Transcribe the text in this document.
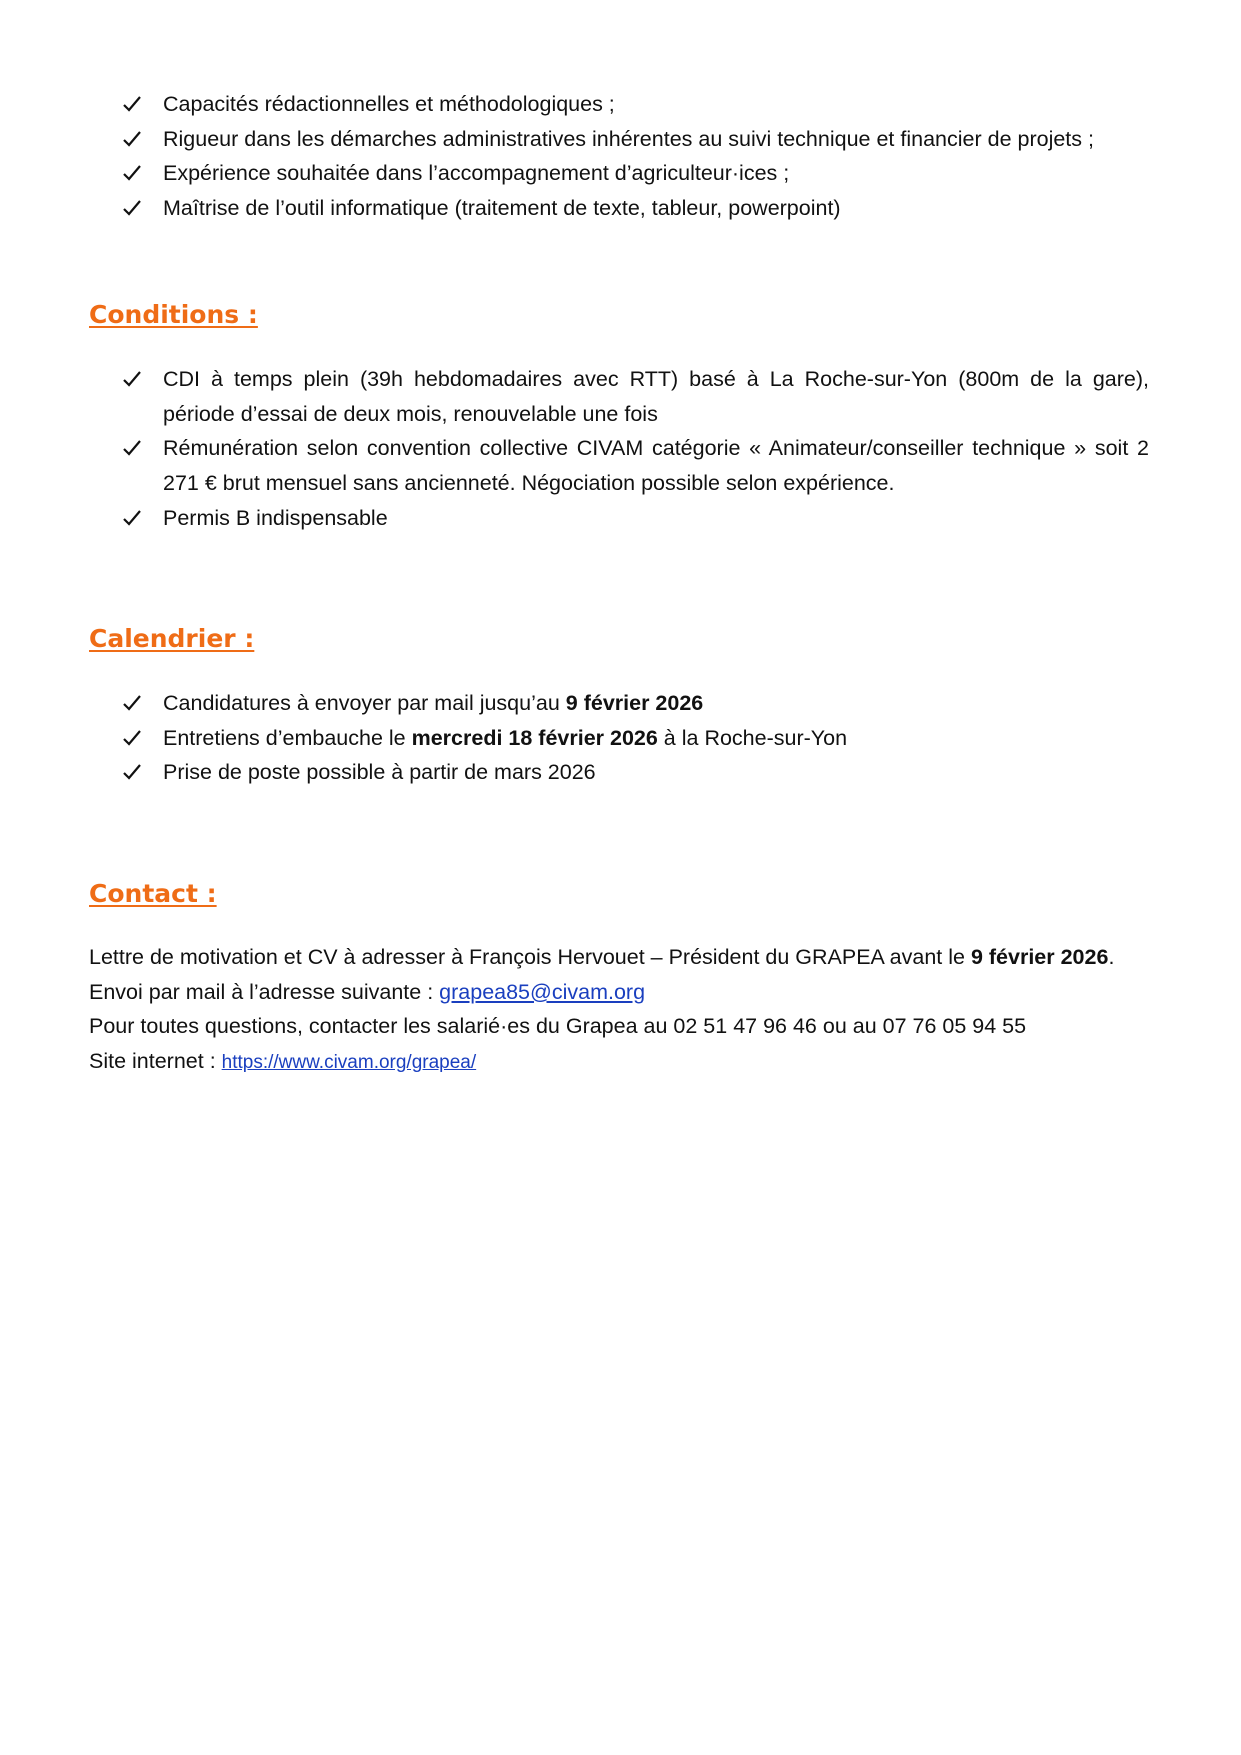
Capacités rédactionnelles et méthodologiques ;
Rigueur dans les démarches administratives inhérentes au suivi technique et financier de projets ;
Expérience souhaitée dans l’accompagnement d’agriculteur·ices ;
Maîtrise de l’outil informatique (traitement de texte, tableur, powerpoint)
Conditions :
CDI à temps plein (39h hebdomadaires avec RTT) basé à La Roche-sur-Yon (800m de la gare), période d’essai de deux mois, renouvelable une fois
Rémunération selon convention collective CIVAM catégorie « Animateur/conseiller technique » soit 2 271 € brut mensuel sans ancienneté. Négociation possible selon expérience.
Permis B indispensable
Calendrier :
Candidatures à envoyer par mail jusqu’au 9 février 2026
Entretiens d’embauche le mercredi 18 février 2026 à la Roche-sur-Yon
Prise de poste possible à partir de mars 2026
Contact :

Lettre de motivation et CV à adresser à François Hervouet – Président du GRAPEA avant le 9 février 2026.

Envoi par mail à l’adresse suivante : grapea85@civam.org

Pour toutes questions, contacter les salarié·es du Grapea au 02 51 47 96 46 ou au 07 76 05 94 55

Site internet : https://www.civam.org/grapea/
